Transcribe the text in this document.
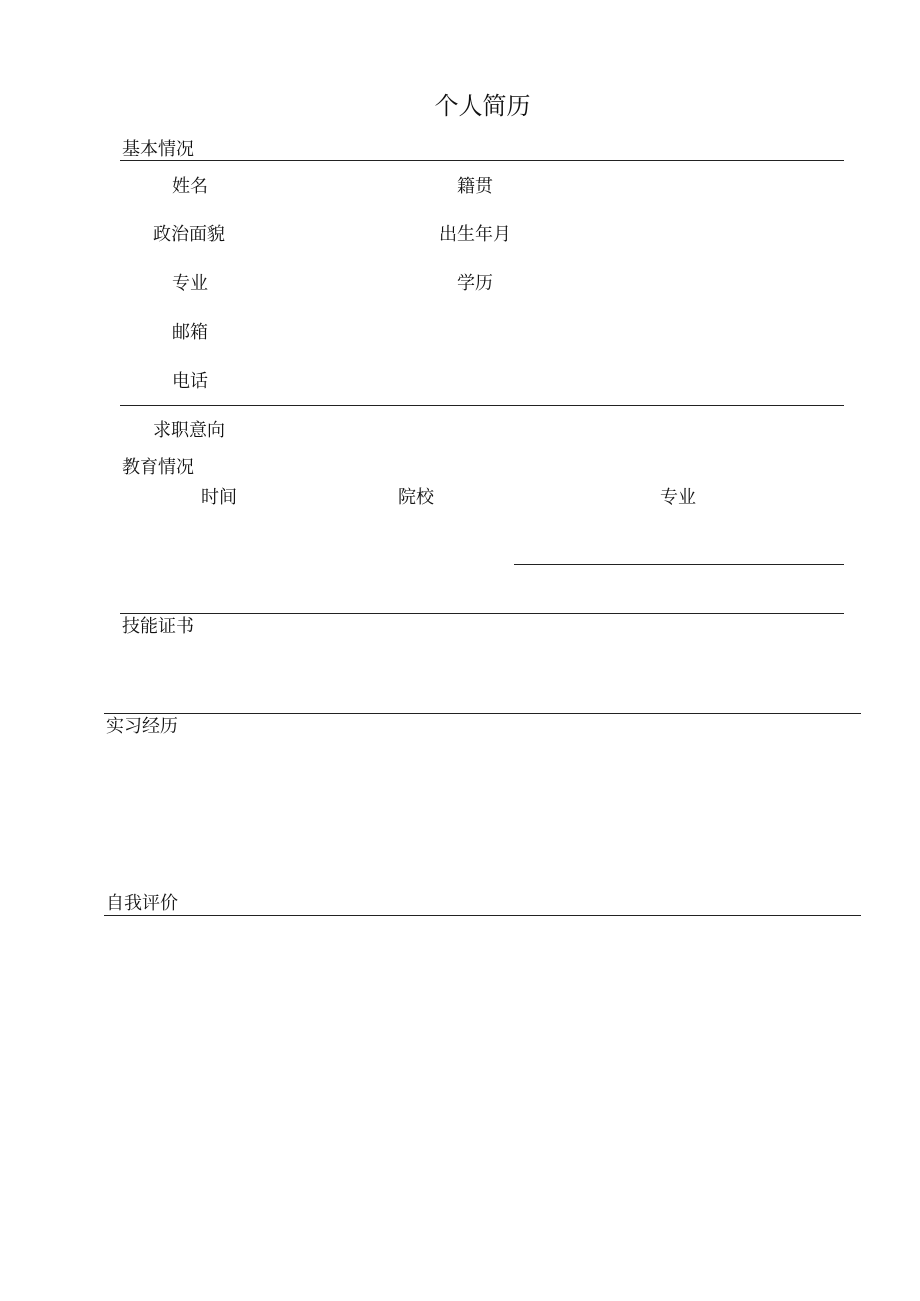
个人简历
基本情况
姓名	籍贯
政治面貌	出生年月
专业	学历
邮箱
电话
求职意向
教育情况
时间	院校	专业
技能证书
实习经历
自我评价
